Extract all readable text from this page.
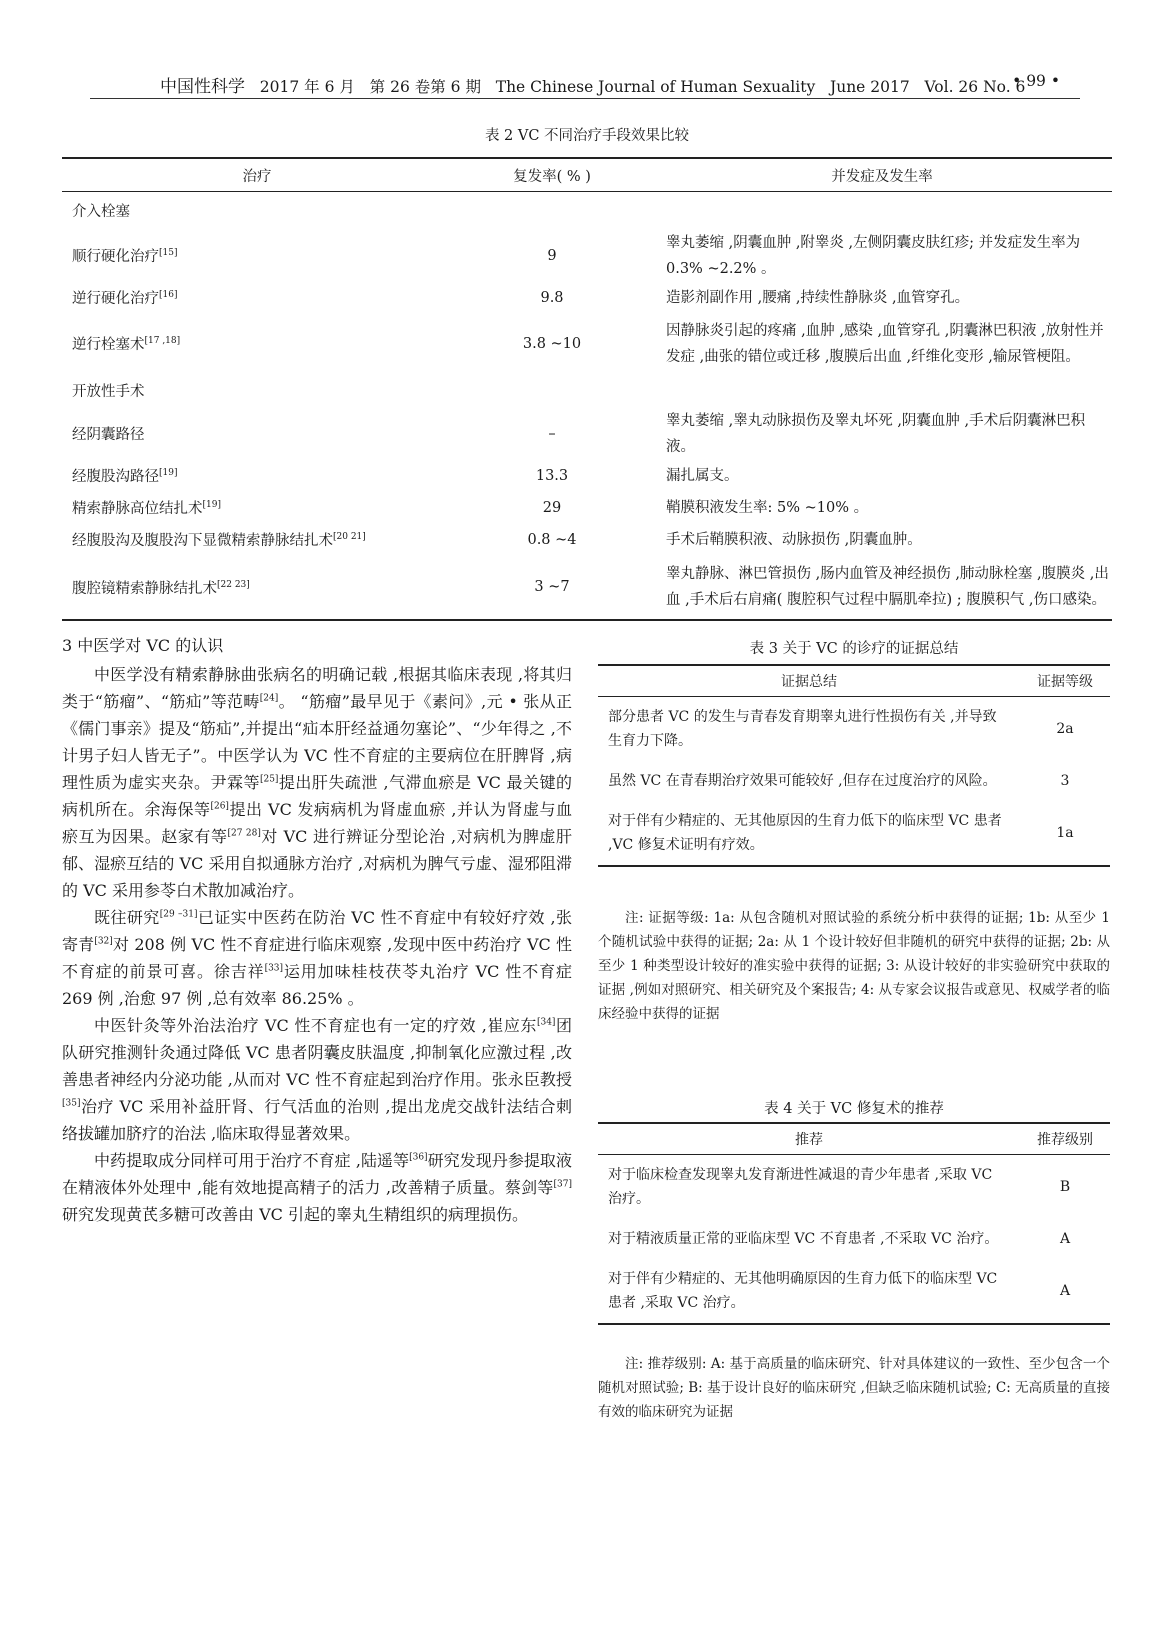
中国性科学 2017 年 6 月 第 26 卷第 6 期 The Chinese Journal of Human Sexuality June 2017 Vol. 26 No. 6
• 99 •
表 2 VC 不同治疗手段效果比较
治疗	复发率( % )	并发症及发生率
介入栓塞		
顺行硬化治疗[15]	9	睾丸萎缩 ,阴囊血肿 ,附睾炎 ,左侧阴囊皮肤红疹; 并发症发生率为 0.3% ~2.2% 。
逆行硬化治疗[16]	9.8	造影剂副作用 ,腰痛 ,持续性静脉炎 ,血管穿孔。
逆行栓塞术[17 ,18]	3.8 ~10	因静脉炎引起的疼痛 ,血肿 ,感染 ,血管穿孔 ,阴囊淋巴积液 ,放射性并发症 ,曲张的错位或迁移 ,腹膜后出血 ,纤维化变形 ,输尿管梗阻。
开放性手术		
经阴囊路径	–	睾丸萎缩 ,睾丸动脉损伤及睾丸坏死 ,阴囊血肿 ,手术后阴囊淋巴积液。
经腹股沟路径[19]	13.3	漏扎属支。
精索静脉高位结扎术[19]	29	鞘膜积液发生率: 5% ~10% 。
经腹股沟及腹股沟下显微精索静脉结扎术[20 21]	0.8 ~4	手术后鞘膜积液、动脉损伤 ,阴囊血肿。
腹腔镜精索静脉结扎术[22 23]	3 ~7	睾丸静脉、淋巴管损伤 ,肠内血管及神经损伤 ,肺动脉栓塞 ,腹膜炎 ,出血 ,手术后右肩痛( 腹腔积气过程中膈肌牵拉) ; 腹膜积气 ,伤口感染。

3 中医学对 VC 的认识

中医学没有精索静脉曲张病名的明确记载 ,根据其临床表现 ,将其归类于“筋瘤”、“筋疝”等范畴[24]。 “筋瘤”最早见于《素问》,元 • 张从正《儒门事亲》提及“筋疝”,并提出“疝本肝经益通勿塞论”、“少年得之 ,不计男子妇人皆无子”。中医学认为 VC 性不育症的主要病位在肝脾肾 ,病理性质为虚实夹杂。尹霖等[25]提出肝失疏泄 ,气滞血瘀是 VC 最关键的病机所在。余海保等[26]提出 VC 发病病机为肾虚血瘀 ,并认为肾虚与血瘀互为因果。赵家有等[27 28]对 VC 进行辨证分型论治 ,对病机为脾虚肝郁、湿瘀互结的 VC 采用自拟通脉方治疗 ,对病机为脾气亏虚、湿邪阻滞的 VC 采用参苓白术散加减治疗。

既往研究[29 –31]已证实中医药在防治 VC 性不育症中有较好疗效 ,张寄青[32]对 208 例 VC 性不育症进行临床观察 ,发现中医中药治疗 VC 性不育症的前景可喜。徐吉祥[33]运用加味桂枝茯苓丸治疗 VC 性不育症 269 例 ,治愈 97 例 ,总有效率 86.25% 。

中医针灸等外治法治疗 VC 性不育症也有一定的疗效 ,崔应东[34]团队研究推测针灸通过降低 VC 患者阴囊皮肤温度 ,抑制氧化应激过程 ,改善患者神经内分泌功能 ,从而对 VC 性不育症起到治疗作用。张永臣教授[35]治疗 VC 采用补益肝肾、行气活血的治则 ,提出龙虎交战针法结合刺络拔罐加脐疗的治法 ,临床取得显著效果。

中药提取成分同样可用于治疗不育症 ,陆遥等[36]研究发现丹参提取液在精液体外处理中 ,能有效地提高精子的活力 ,改善精子质量。蔡剑等[37]研究发现黄芪多糖可改善由 VC 引起的睾丸生精组织的病理损伤。

表 3 关于 VC 的诊疗的证据总结
证据总结	证据等级
部分患者 VC 的发生与青春发育期睾丸进行性损伤有关 ,并导致生育力下降。	2a
虽然 VC 在青春期治疗效果可能较好 ,但存在过度治疗的风险。	3
对于伴有少精症的、无其他原因的生育力低下的临床型 VC 患者 ,VC 修复术证明有疗效。	1a
注: 证据等级: 1a: 从包含随机对照试验的系统分析中获得的证据; 1b: 从至少 1 个随机试验中获得的证据; 2a: 从 1 个设计较好但非随机的研究中获得的证据; 2b: 从至少 1 种类型设计较好的准实验中获得的证据; 3: 从设计较好的非实验研究中获取的证据 ,例如对照研究、相关研究及个案报告; 4: 从专家会议报告或意见、权威学者的临床经验中获得的证据
表 4 关于 VC 修复术的推荐
推荐	推荐级别
对于临床检查发现睾丸发育渐进性减退的青少年患者 ,采取 VC 治疗。	B
对于精液质量正常的亚临床型 VC 不育患者 ,不采取 VC 治疗。	A
对于伴有少精症的、无其他明确原因的生育力低下的临床型 VC 患者 ,采取 VC 治疗。	A
注: 推荐级别: A: 基于高质量的临床研究、针对具体建议的一致性、至少包含一个随机对照试验; B: 基于设计良好的临床研究 ,但缺乏临床随机试验; C: 无高质量的直接有效的临床研究为证据
